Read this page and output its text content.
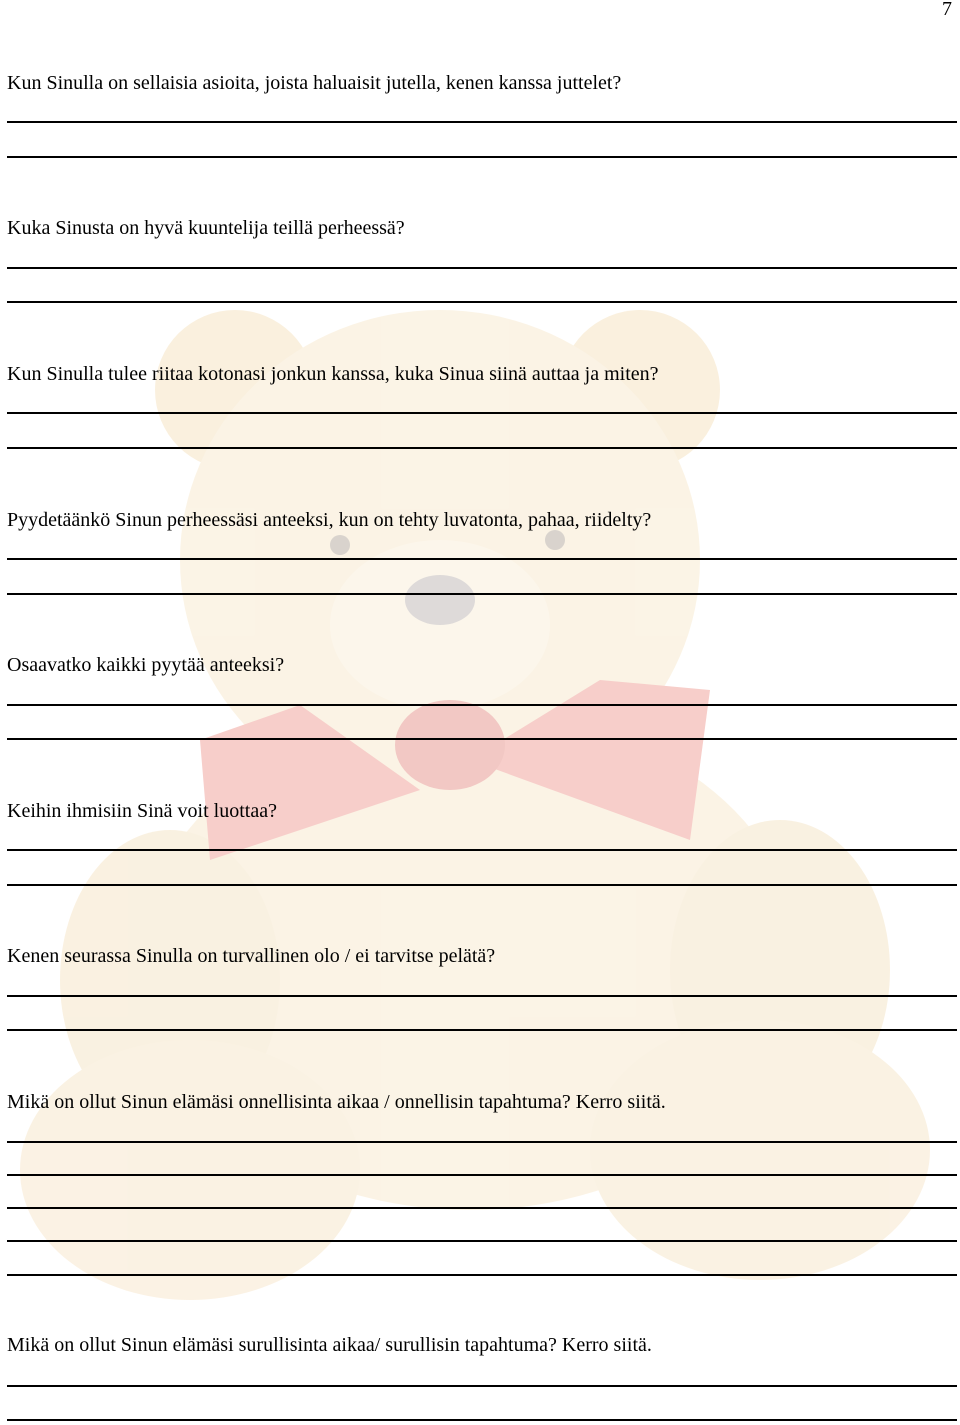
7
Kun Sinulla on sellaisia asioita, joista haluaisit jutella, kenen kanssa juttelet?
Kuka Sinusta on hyvä kuuntelija teillä perheessä?
Kun Sinulla tulee riitaa kotonasi jonkun kanssa, kuka Sinua siinä auttaa ja miten?
Pyydetäänkö Sinun perheessäsi anteeksi, kun on tehty luvatonta, pahaa, riidelty?
Osaavatko kaikki pyytää anteeksi?
Keihin ihmisiin Sinä voit luottaa?
Kenen seurassa Sinulla on turvallinen olo / ei tarvitse pelätä?
Mikä on ollut Sinun elämäsi onnellisinta aikaa / onnellisin tapahtuma? Kerro siitä.
Mikä on ollut Sinun elämäsi surullisinta aikaa/ surullisin tapahtuma? Kerro siitä.
